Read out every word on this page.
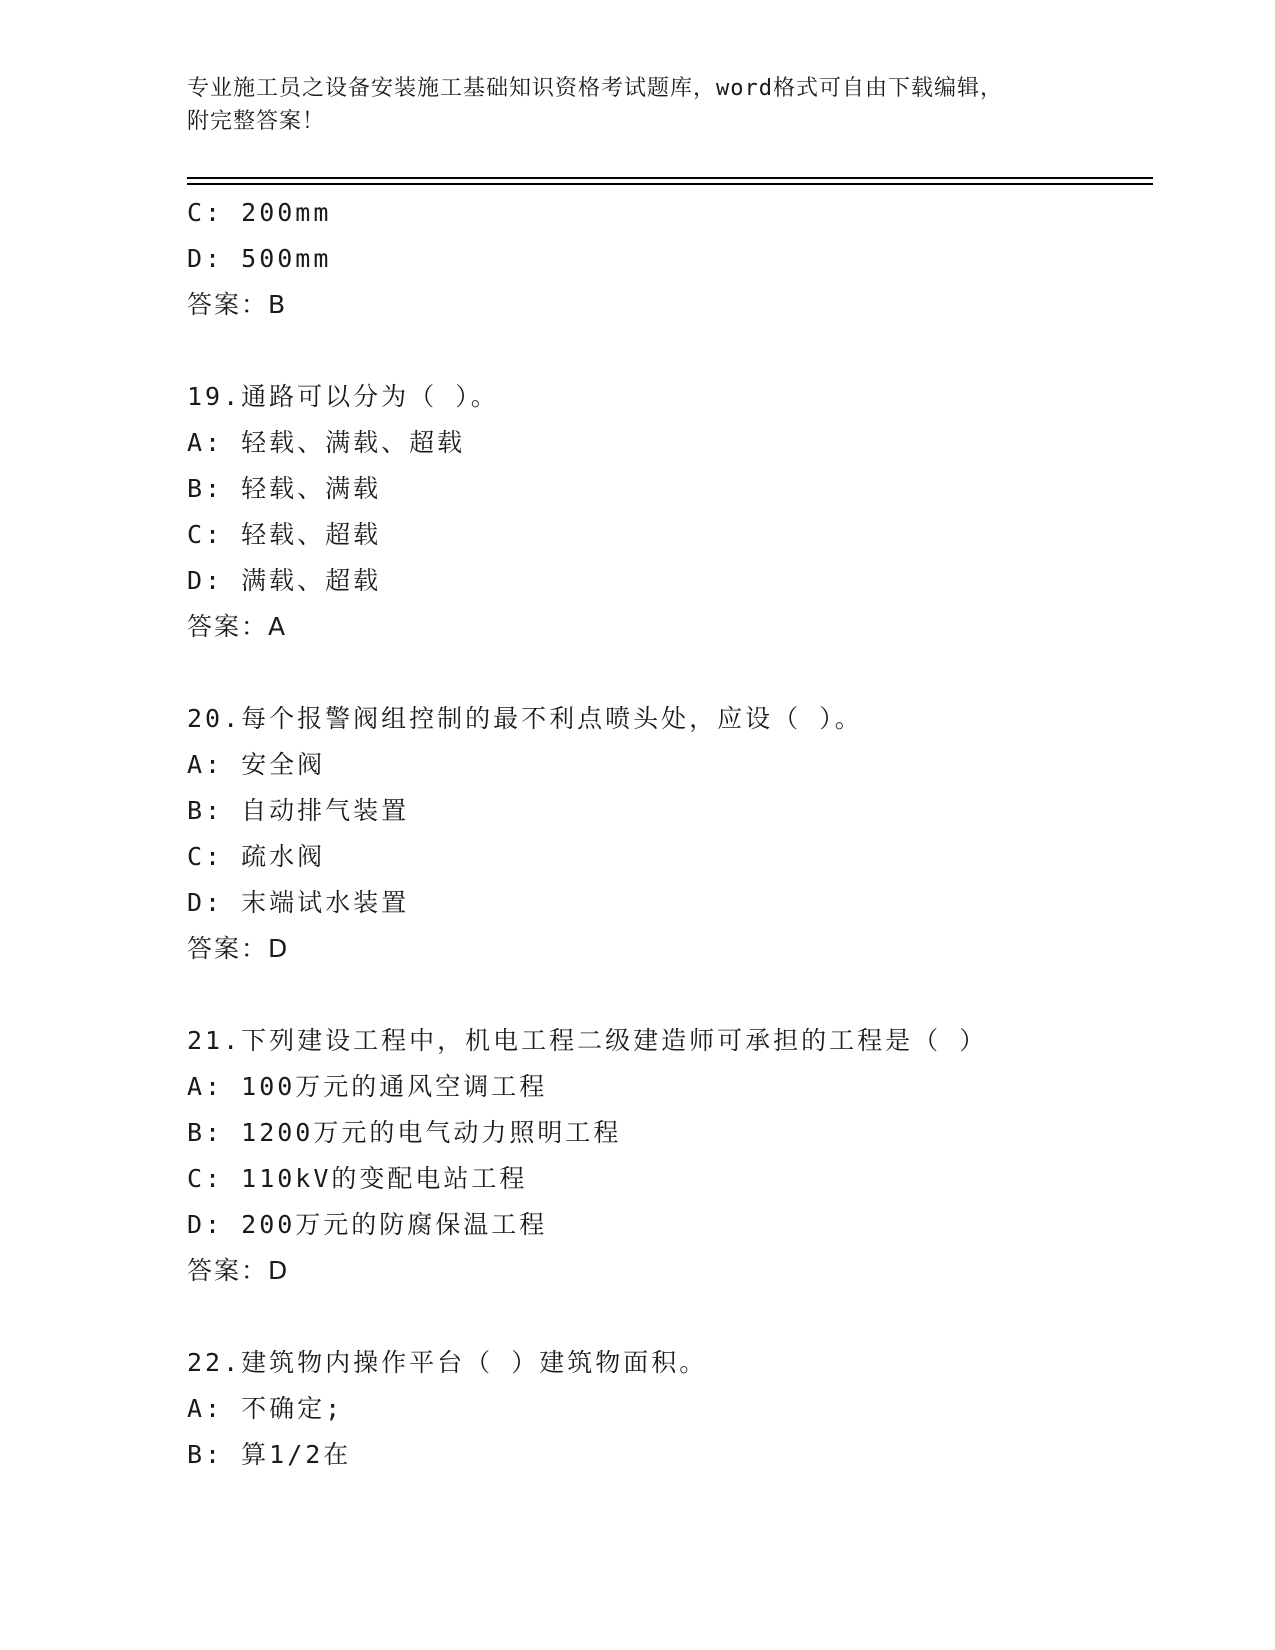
专业施工员之设备安装施工基础知识资格考试题库，word格式可自由下载编辑，
附完整答案！
C: 200mm
D: 500mm
答案：B
19.通路可以分为（ ）。
A: 轻载、满载、超载
B: 轻载、满载
C: 轻载、超载
D: 满载、超载
答案：A
20.每个报警阀组控制的最不利点喷头处，应设（ ）。
A: 安全阀
B: 自动排气装置
C: 疏水阀
D: 末端试水装置
答案：D
21.下列建设工程中，机电工程二级建造师可承担的工程是（ ）
A: 100万元的通风空调工程
B: 1200万元的电气动力照明工程
C: 110kV的变配电站工程
D: 200万元的防腐保温工程
答案：D
22.建筑物内操作平台（ ）建筑物面积。
A: 不确定;
B: 算1/2在
